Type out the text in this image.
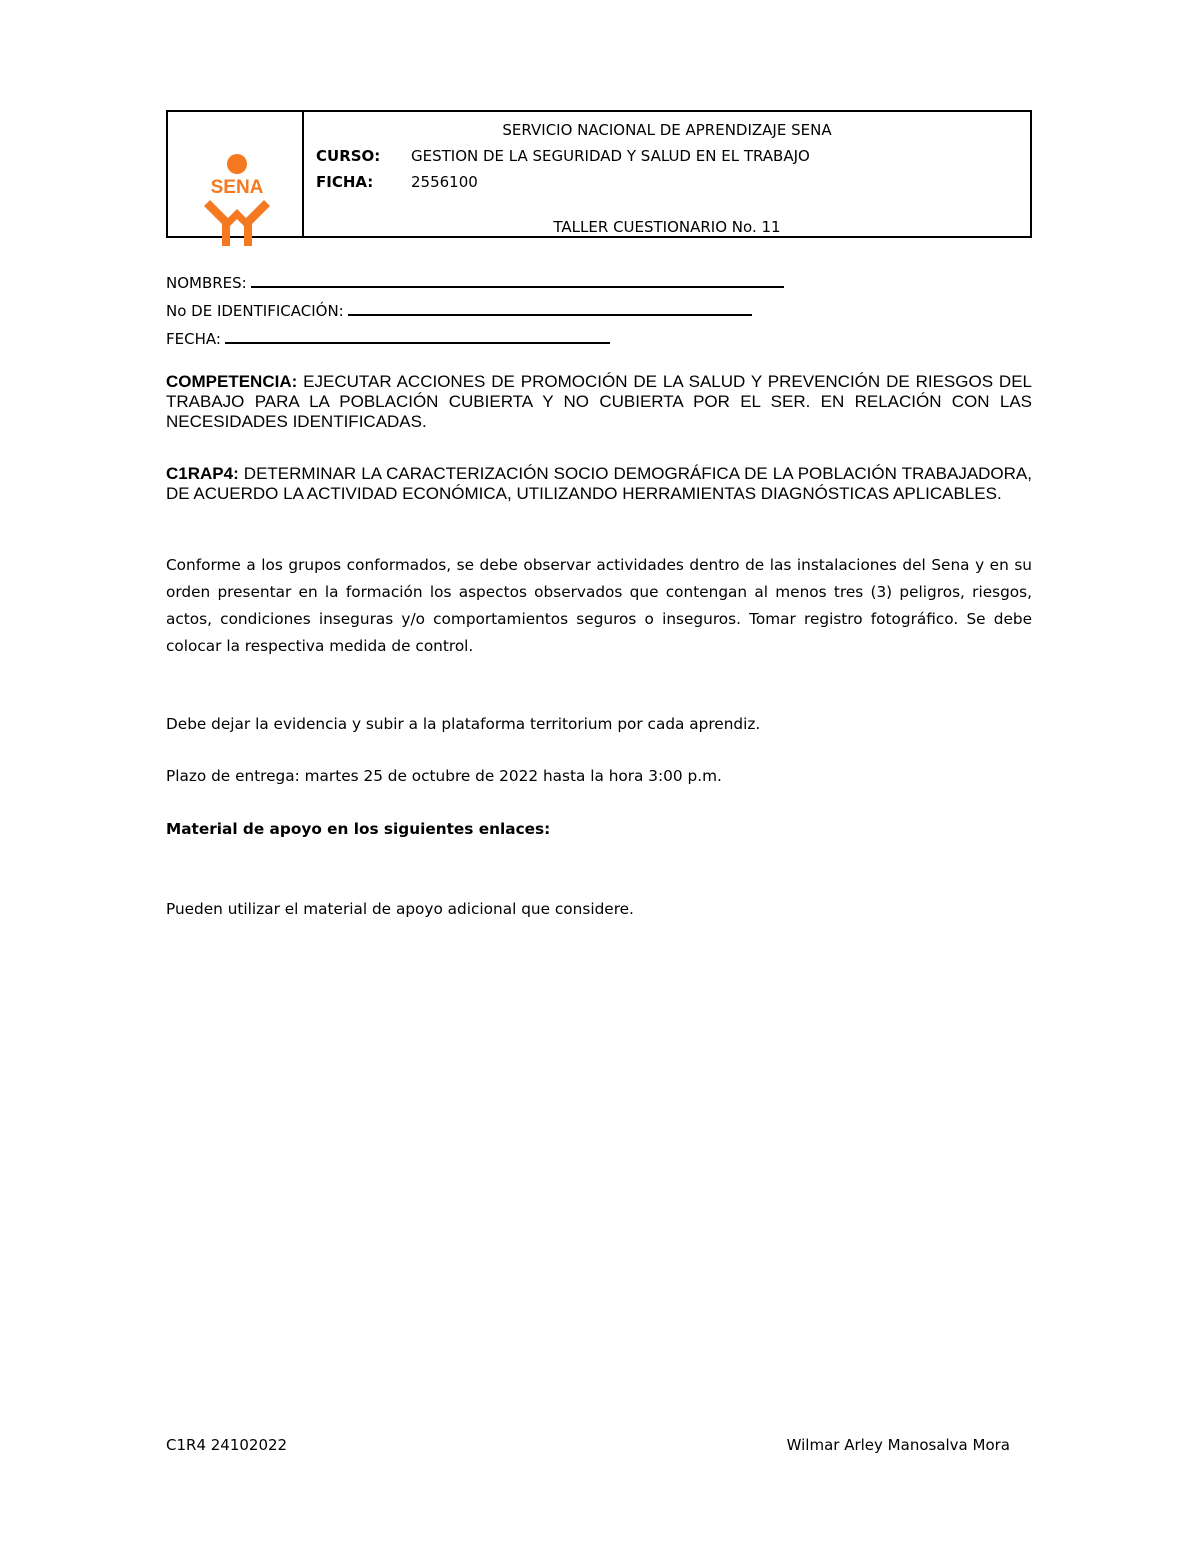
SENA
SERVICIO NACIONAL DE APRENDIZAJE SENA
CURSO:	GESTION DE LA SEGURIDAD Y SALUD EN EL TRABAJO
FICHA:	2556100
TALLER CUESTIONARIO No. 11
NOMBRES:
No DE IDENTIFICACIÓN:
FECHA:
COMPETENCIA: EJECUTAR ACCIONES DE PROMOCIÓN DE LA SALUD Y PREVENCIÓN DE RIESGOS DEL TRABAJO PARA LA POBLACIÓN CUBIERTA Y NO CUBIERTA POR EL SER. EN RELACIÓN CON LAS NECESIDADES IDENTIFICADAS.
C1RAP4: DETERMINAR LA CARACTERIZACIÓN SOCIO DEMOGRÁFICA DE LA POBLACIÓN TRABAJADORA, DE ACUERDO LA ACTIVIDAD ECONÓMICA, UTILIZANDO HERRAMIENTAS DIAGNÓSTICAS APLICABLES.
Conforme a los grupos conformados, se debe observar actividades dentro de las instalaciones del Sena y en su orden presentar en la formación los aspectos observados que contengan al menos tres (3) peligros, riesgos, actos, condiciones inseguras y/o comportamientos seguros o inseguros. Tomar registro fotográfico. Se debe colocar la respectiva medida de control.
Debe dejar la evidencia y subir a la plataforma territorium por cada aprendiz.
Plazo de entrega: martes 25 de octubre de 2022 hasta la hora 3:00 p.m.
Material de apoyo en los siguientes enlaces:
Pueden utilizar el material de apoyo adicional que considere.
C1R4 24102022	Wilmar Arley Manosalva Mora
